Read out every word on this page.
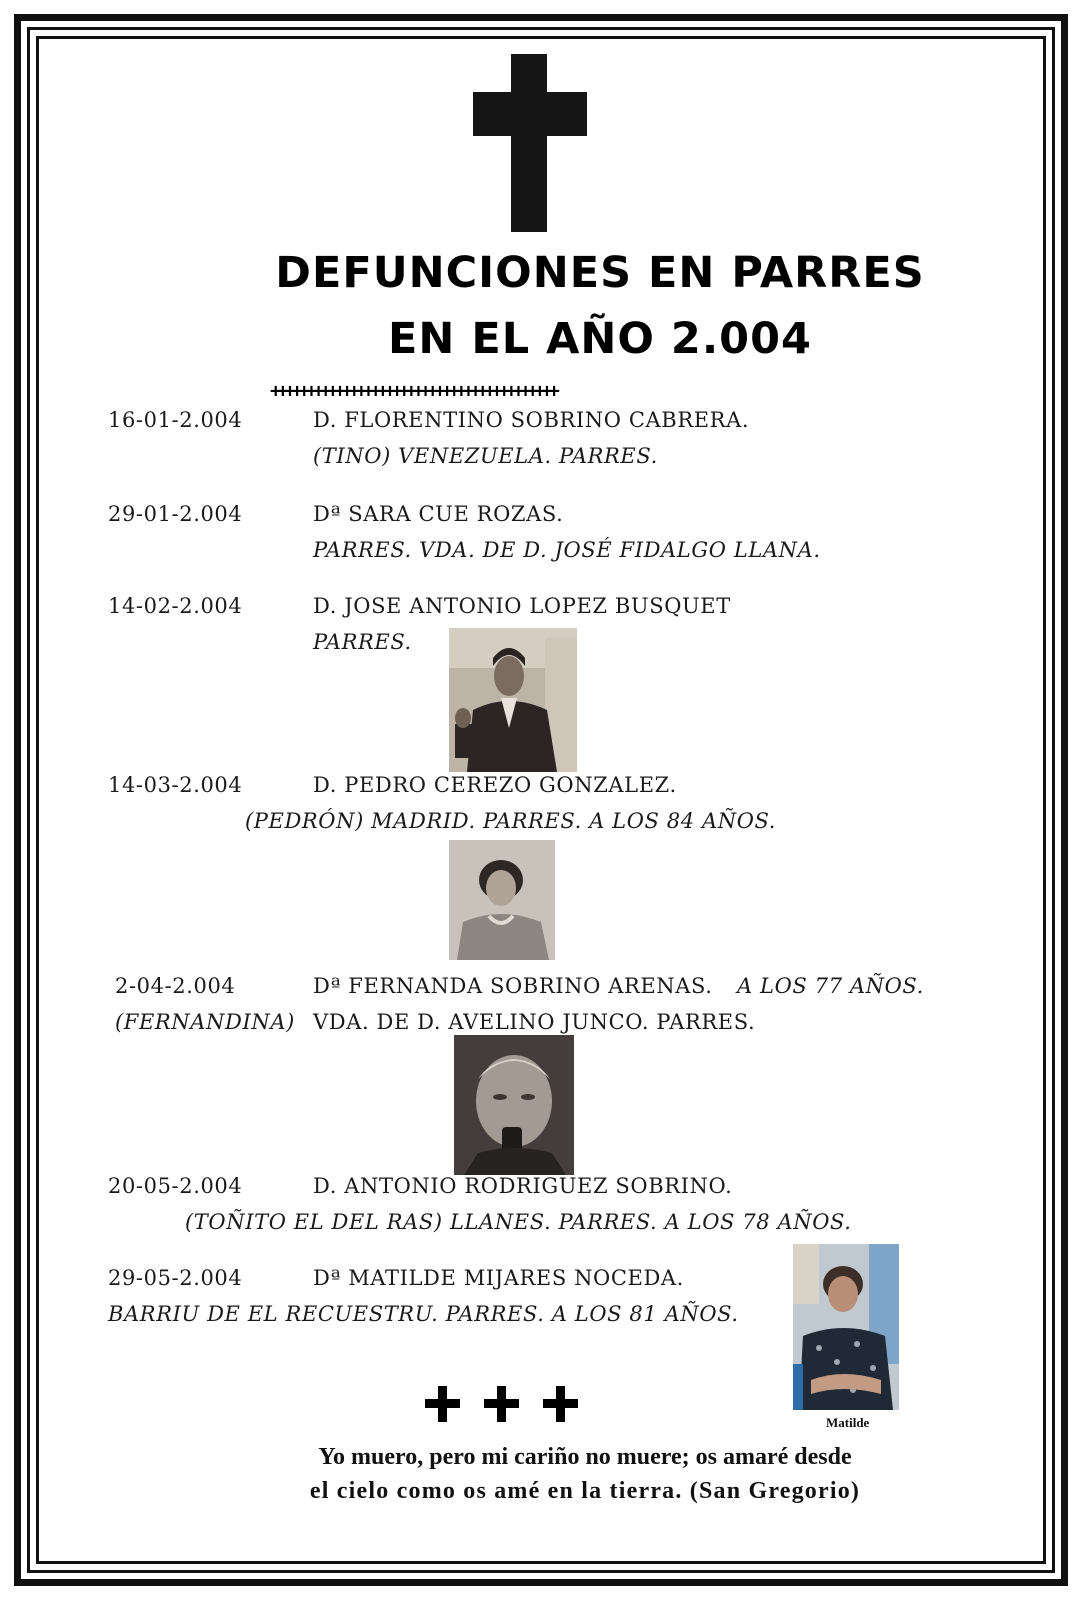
DEFUNCIONES EN PARRES
EN EL AÑO 2.004
++++++++++++++++++++++++++++++++++++++++
16-01-2.004	D. FLORENTINO SOBRINO CABRERA.
(TINO) VENEZUELA. PARRES.
29-01-2.004	Dª SARA CUE ROZAS.
PARRES. VDA. DE D. JOSÉ FIDALGO LLANA.
14-02-2.004	D. JOSE ANTONIO LOPEZ BUSQUET
PARRES.
14-03-2.004	D. PEDRO CEREZO GONZALEZ.
(PEDRÓN) MADRID. PARRES. A LOS 84 AÑOS.
2-04-2.004	Dª FERNANDA SOBRINO ARENAS. A LOS 77 AÑOS.
(FERNANDINA) VDA. DE D. AVELINO JUNCO. PARRES.
20-05-2.004	D. ANTONIO RODRIGUEZ SOBRINO.
(TOÑITO EL DEL RAS) LLANES. PARRES. A LOS 78 AÑOS.
29-05-2.004	Dª MATILDE MIJARES NOCEDA.
BARRIU DE EL RECUESTRU. PARRES. A LOS 81 AÑOS.
Matilde
Yo muero, pero mi cariño no muere; os amaré desde
el cielo como os amé en la tierra. (San Gregorio)
